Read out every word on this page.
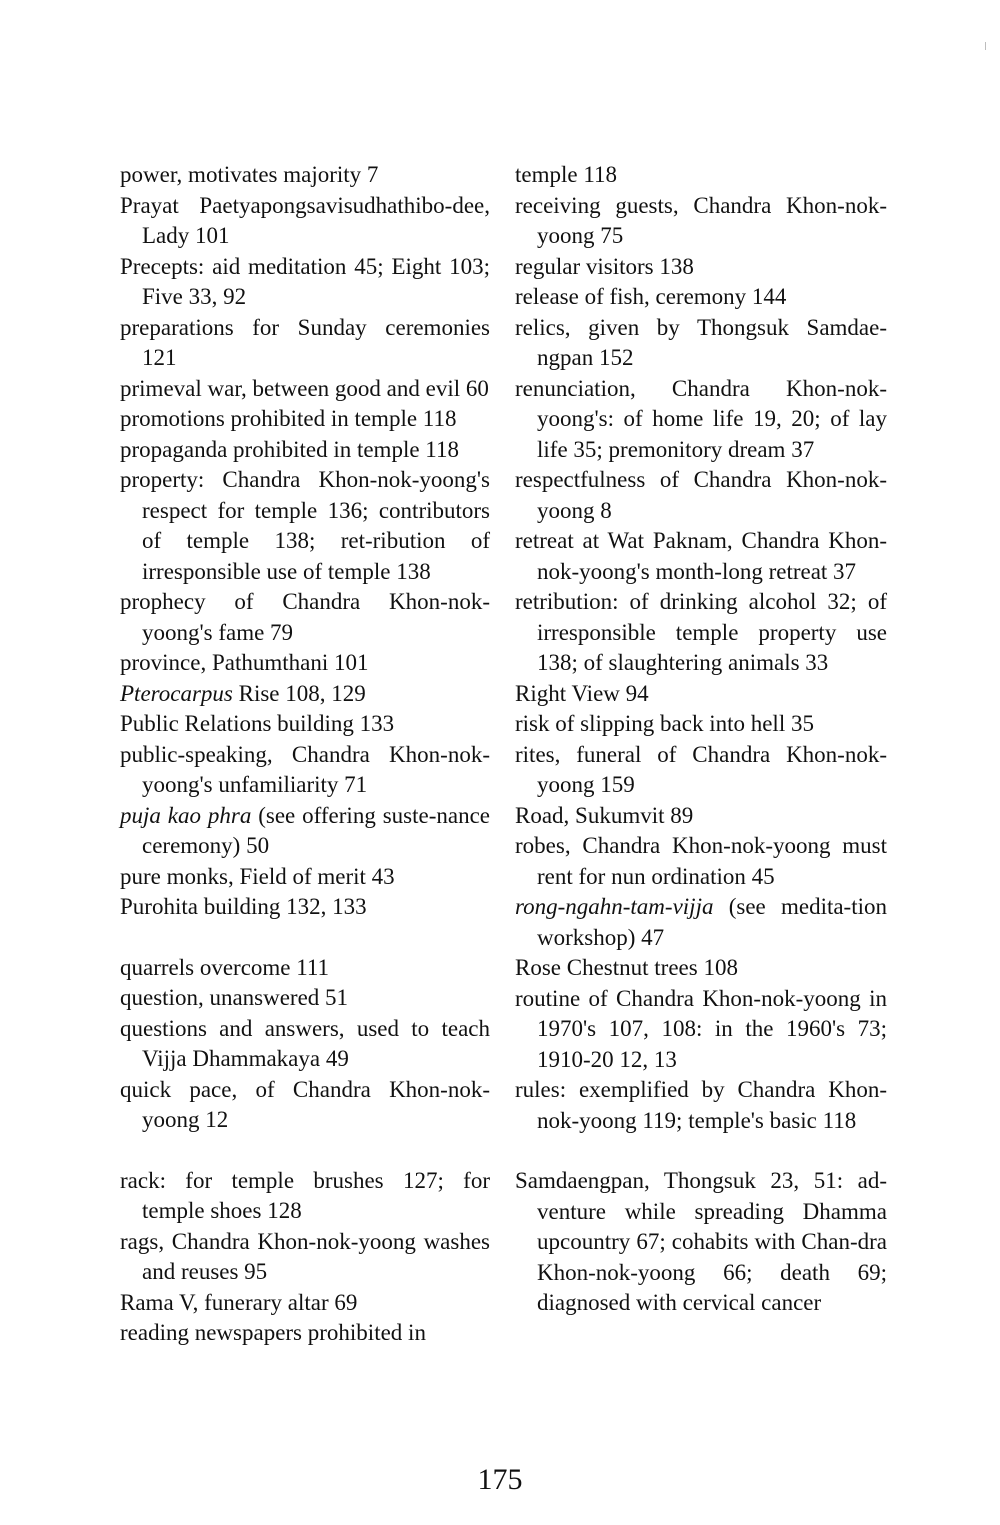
power, motivates majority 7
Prayat Paetyapongsavisudhathibo-dee, Lady 101
Precepts: aid meditation 45; Eight 103; Five 33, 92
preparations for Sunday ceremonies 121
primeval war, between good and evil 60
promotions prohibited in temple 118
propaganda prohibited in temple 118
property: Chandra Khon-nok-yoong's respect for temple 136; contributors of temple 138; ret-ribution of irresponsible use of temple 138
prophecy of Chandra Khon-nok-yoong's fame 79
province, Pathumthani 101
Pterocarpus Rise 108, 129
Public Relations building 133
public-speaking, Chandra Khon-nok-yoong's unfamiliarity 71
puja kao phra (see offering suste-nance ceremony) 50
pure monks, Field of merit 43
Purohita building 132, 133
quarrels overcome 111
question, unanswered 51
questions and answers, used to teach Vijja Dhammakaya 49
quick pace, of Chandra Khon-nok-yoong 12
rack: for temple brushes 127; for temple shoes 128
rags, Chandra Khon-nok-yoong washes and reuses 95
Rama V, funerary altar 69
reading newspapers prohibited in
temple 118
receiving guests, Chandra Khon-nok-yoong 75
regular visitors 138
release of fish, ceremony 144
relics, given by Thongsuk Samdae-ngpan 152
renunciation, Chandra Khon-nok-yoong's: of home life 19, 20; of lay life 35; premonitory dream 37
respectfulness of Chandra Khon-nok-yoong 8
retreat at Wat Paknam, Chandra Khon-nok-yoong's month-long retreat 37
retribution: of drinking alcohol 32; of irresponsible temple property use 138; of slaughtering animals 33
Right View 94
risk of slipping back into hell 35
rites, funeral of Chandra Khon-nok-yoong 159
Road, Sukumvit 89
robes, Chandra Khon-nok-yoong must rent for nun ordination 45
rong-ngahn-tam-vijja (see medita-tion workshop) 47
Rose Chestnut trees 108
routine of Chandra Khon-nok-yoong in 1970's 107, 108: in the 1960's 73; 1910-20 12, 13
rules: exemplified by Chandra Khon-nok-yoong 119; temple's basic 118
Samdaengpan, Thongsuk 23, 51: ad-venture while spreading Dhamma upcountry 67; cohabits with Chan-dra Khon-nok-yoong 66; death 69; diagnosed with cervical cancer
175
